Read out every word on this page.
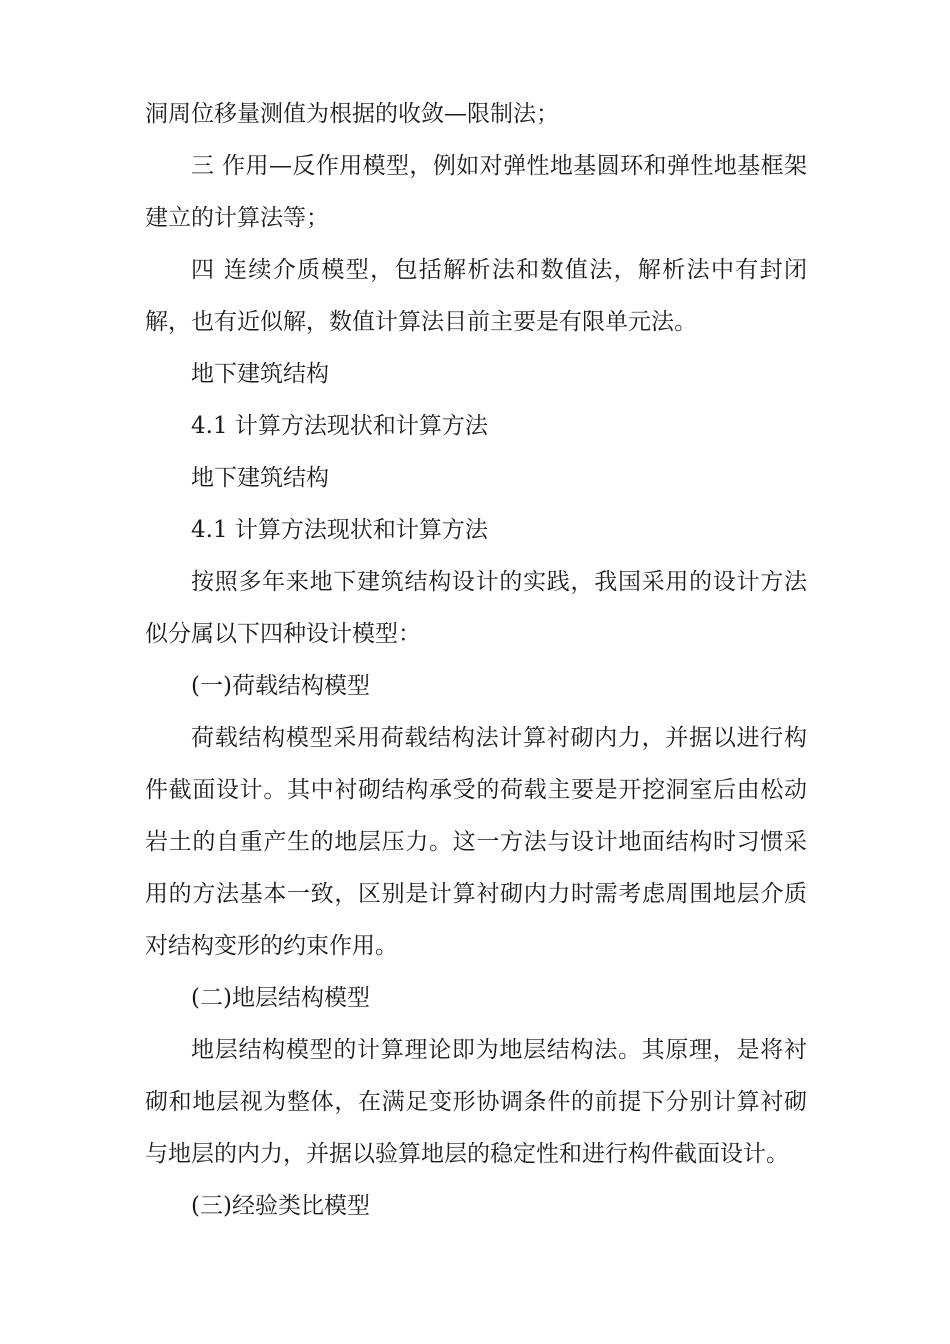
洞周位移量测值为根据的收敛—限制法；

三 作用—反作用模型，例如对弹性地基圆环和弹性地基框架建立的计算法等；

四 连续介质模型，包括解析法和数值法，解析法中有封闭解，也有近似解，数值计算法目前主要是有限单元法。

地下建筑结构

4.1 计算方法现状和计算方法

地下建筑结构

4.1 计算方法现状和计算方法

按照多年来地下建筑结构设计的实践，我国采用的设计方法似分属以下四种设计模型：

(一)荷载结构模型

荷载结构模型采用荷载结构法计算衬砌内力，并据以进行构件截面设计。其中衬砌结构承受的荷载主要是开挖洞室后由松动岩土的自重产生的地层压力。这一方法与设计地面结构时习惯采用的方法基本一致，区别是计算衬砌内力时需考虑周围地层介质对结构变形的约束作用。

(二)地层结构模型

地层结构模型的计算理论即为地层结构法。其原理，是将衬砌和地层视为整体，在满足变形协调条件的前提下分别计算衬砌与地层的内力，并据以验算地层的稳定性和进行构件截面设计。

(三)经验类比模型
